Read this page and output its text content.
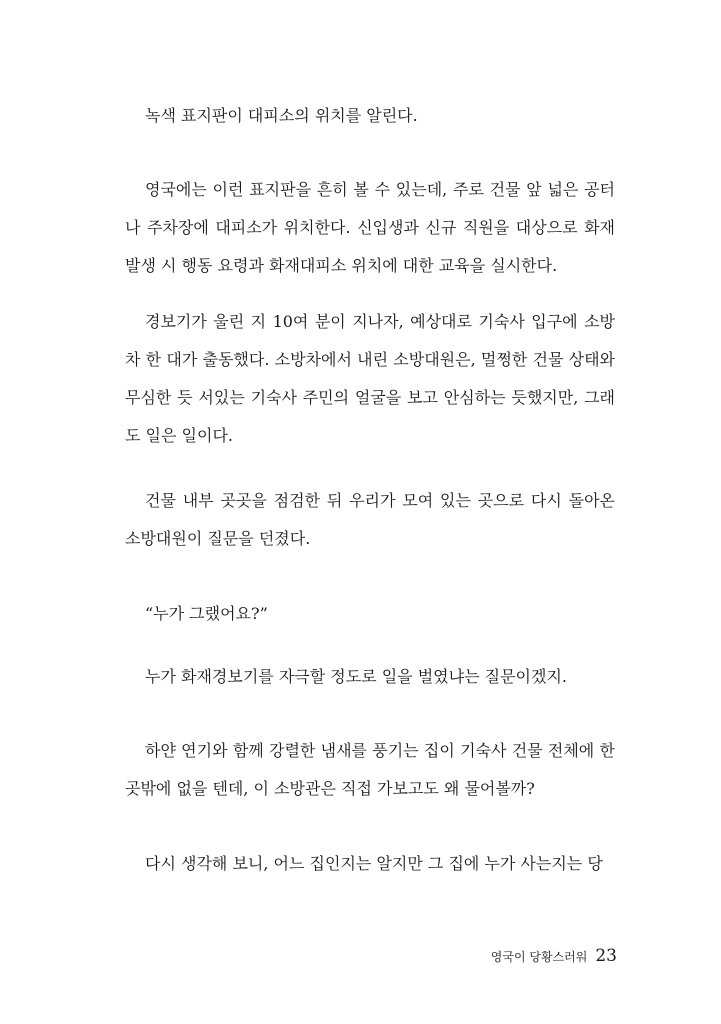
녹색 표지판이 대피소의 위치를 알린다.

영국에는 이런 표지판을 흔히 볼 수 있는데, 주로 건물 앞 넓은 공터나 주차장에 대피소가 위치한다. 신입생과 신규 직원을 대상으로 화재 발생 시 행동 요령과 화재대피소 위치에 대한 교육을 실시한다.

경보기가 울린 지 10여 분이 지나자, 예상대로 기숙사 입구에 소방차 한 대가 출동했다. 소방차에서 내린 소방대원은, 멀쩡한 건물 상태와 무심한 듯 서있는 기숙사 주민의 얼굴을 보고 안심하는 듯했지만, 그래도 일은 일이다.

건물 내부 곳곳을 점검한 뒤 우리가 모여 있는 곳으로 다시 돌아온 소방대원이 질문을 던졌다.

“누가 그랬어요?”

누가 화재경보기를 자극할 정도로 일을 벌였냐는 질문이겠지.

하얀 연기와 함께 강렬한 냄새를 풍기는 집이 기숙사 건물 전체에 한 곳밖에 없을 텐데, 이 소방관은 직접 가보고도 왜 물어볼까?

다시 생각해 보니, 어느 집인지는 알지만 그 집에 누가 사는지는 당

영국이 당황스러워 23
